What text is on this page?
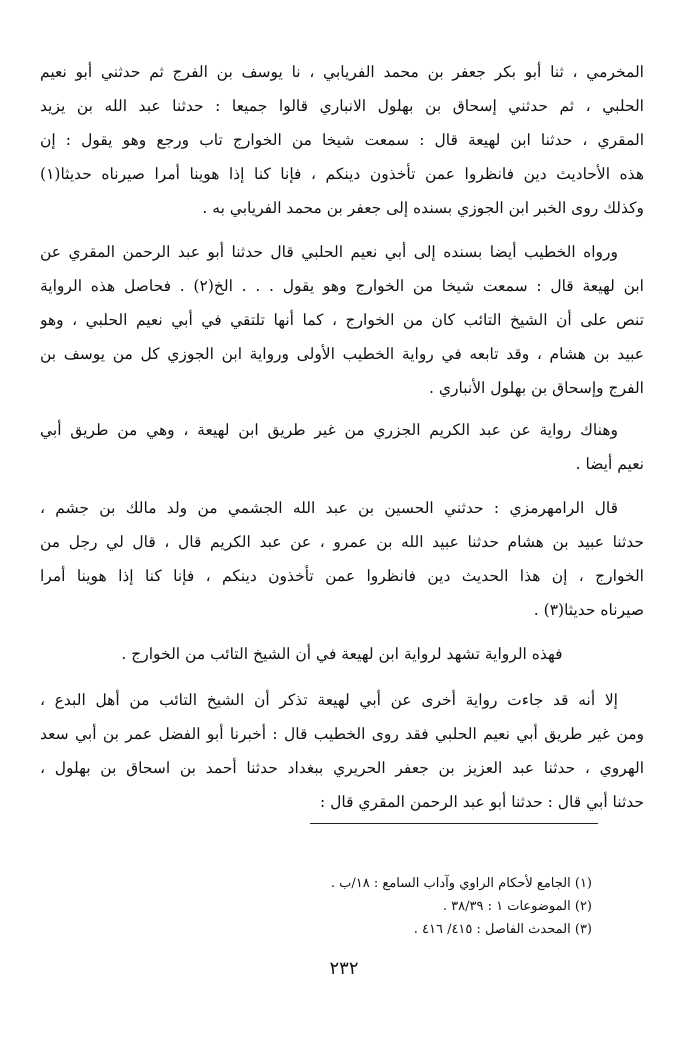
المخرمي ، ثنا أبو بكر جعفر بن محمد الفريابي ، نا يوسف بن الفرج ثم حدثني أبو نعيم
الحلبي ، ثم حدثني إسحاق بن بهلول الانباري قالوا جميعا : حدثنا عبد الله بن يزيد
المقري ، حدثنا ابن لهيعة قال : سمعت شيخا من الخوارج تاب ورجع وهو يقول : إن
هذه الأحاديث دين فانظروا عمن تأخذون دينكم ، فإنا كنا إذا هوينا أمرا صيرناه حديثا(١)
وكذلك روى الخبر ابن الجوزي بسنده إلى جعفر بن محمد الفريابي به .
ورواه الخطيب أيضا بسنده إلى أبي نعيم الحلبي قال حدثنا أبو عبد الرحمن المقري عن
ابن لهيعة قال : سمعت شيخا من الخوارج وهو يقول . . . الخ(٢) . فحاصل هذه الرواية
تنص على أن الشيخ التائب كان من الخوارج ، كما أنها تلتقي في أبي نعيم الحلبي ، وهو
عبيد بن هشام ، وقد تابعه في رواية الخطيب الأولى ورواية ابن الجوزي كل من يوسف بن
الفرج وإسحاق بن بهلول الأنباري .
وهناك رواية عن عبد الكريم الجزري من غير طريق ابن لهيعة ، وهي من طريق أبي
نعيم أيضا .
قال الرامهرمزي : حدثني الحسين بن عبد الله الجشمي من ولد مالك بن جشم ،
حدثنا عبيد بن هشام حدثنا عبيد الله بن عمرو ، عن عبد الكريم قال ، قال لي رجل من
الخوارج ، إن هذا الحديث دين فانظروا عمن تأخذون دينكم ، فإنا كنا إذا هوينا أمرا
صيرناه حديثا(٣) .
فهذه الرواية تشهد لرواية ابن لهيعة في أن الشيخ التائب من الخوارج .
إلا أنه قد جاءت رواية أخرى عن أبي لهيعة تذكر أن الشيخ التائب من أهل البدع ،
ومن غير طريق أبي نعيم الحلبي فقد روى الخطيب قال : أخبرنا أبو الفضل عمر بن أبي سعد
الهروي ، حدثنا عبد العزيز بن جعفر الحريري ببغداد حدثنا أحمد بن اسحاق بن بهلول ،
حدثنا أبي قال : حدثنا أبو عبد الرحمن المقري قال :
(١) الجامع لأحكام الراوي وآداب السامع : ١٨/ب .
(٢) الموضوعات ١ : ٣٨/٣٩ .
(٣) المحدث الفاصل : ٤١٥/ ٤١٦ .
٢٣٢
